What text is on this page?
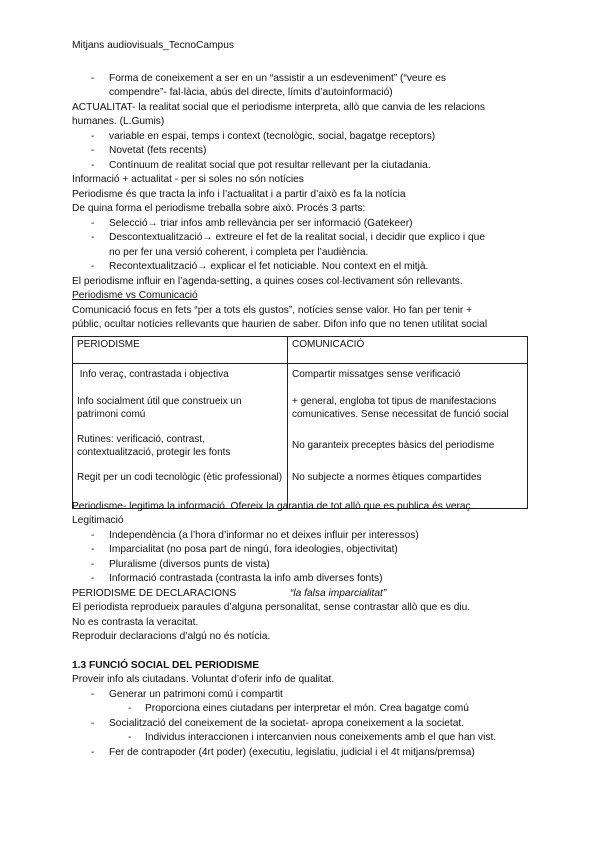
Mitjans audiovisuals_TecnoCampus
- Forma de coneixement a ser en un “assistir a un esdeveniment” (“veure es
compendre”- fal·làcia, abús del directe, límits d’autoinformació)
ACTUALITAT- la realitat social que el periodisme interpreta, allò que canvia de les relacions
humanes. (L.Gumis)
- variable en espai, temps i context (tecnològic, social, bagatge receptors)
- Novetat (fets recents)
- Contínuum de realitat social que pot resultar rellevant per la ciutadania.
Informació + actualitat - per si soles no són notícies
Periodisme és que tracta la info i l’actualitat i a partir d’això es fa la notícia
De quina forma el periodisme treballa sobre això. Procés 3 parts:
- Selecció→ triar infos amb rellevància per ser informació (Gatekeer)
- Descontextualització→ extreure el fet de la realitat social, i decidir que explico i que
no per fer una versió coherent, i completa per l’audiència.
- Recontextualització→ explicar el fet noticiable. Nou context en el mitjà.
El periodisme influir en l’agenda-setting, a quines coses col·lectivament són rellevants.
Periodisme vs Comunicació
Comunicació focus en fets “per a tots els gustos”, notícies sense valor. Ho fan per tenir +
públic, ocultar notícies rellevants que haurien de saber. Difon info que no tenen utilitat social
PERIODISME	COMUNICACIÓ
Info veraç, contrastada i objectiva	Compartir missatges sense verificació
Info socialment útil que construeix un patrimoni comú	+ general, engloba tot tipus de manifestacions comunicatives. Sense necessitat de funció social
Rutines: verificació, contrast, contextualització, protegir les fonts	No garanteix preceptes bàsics del periodisme
Regit per un codi tecnològic (ètic professional)	No subjecte a normes ètiques compartides
Periodisme- legitima la informació. Ofereix la garantia de tot allò que es publica és veraç.
Legitimació
- Independència (a l’hora d’informar no et deixes influir per interessos)
- Imparcialitat (no posa part de ningú, fora ideologies, objectivitat)
- Pluralisme (diversos punts de vista)
- Informació contrastada (contrasta la info amb diverses fonts)
PERIODISME DE DECLARACIONS	“la falsa imparcialitat”
El periodista reprodueix paraules d’alguna personalitat, sense contrastar allò que es diu.
No es contrasta la veracitat.
Reproduir declaracions d’algú no és notícia.
1.3 FUNCIÓ SOCIAL DEL PERIODISME
Proveir info als ciutadans. Voluntat d’oferir info de qualitat.
- Generar un patrimoni comú i compartit
- Proporciona eines ciutadans per interpretar el món. Crea bagatge comú
- Socialització del coneixement de la societat- apropa coneixement a la societat.
- Individus interaccionen i intercanvien nous coneixements amb el que han vist.
- Fer de contrapoder (4rt poder) (executiu, legislatiu, judicial i el 4t mitjans/premsa)
